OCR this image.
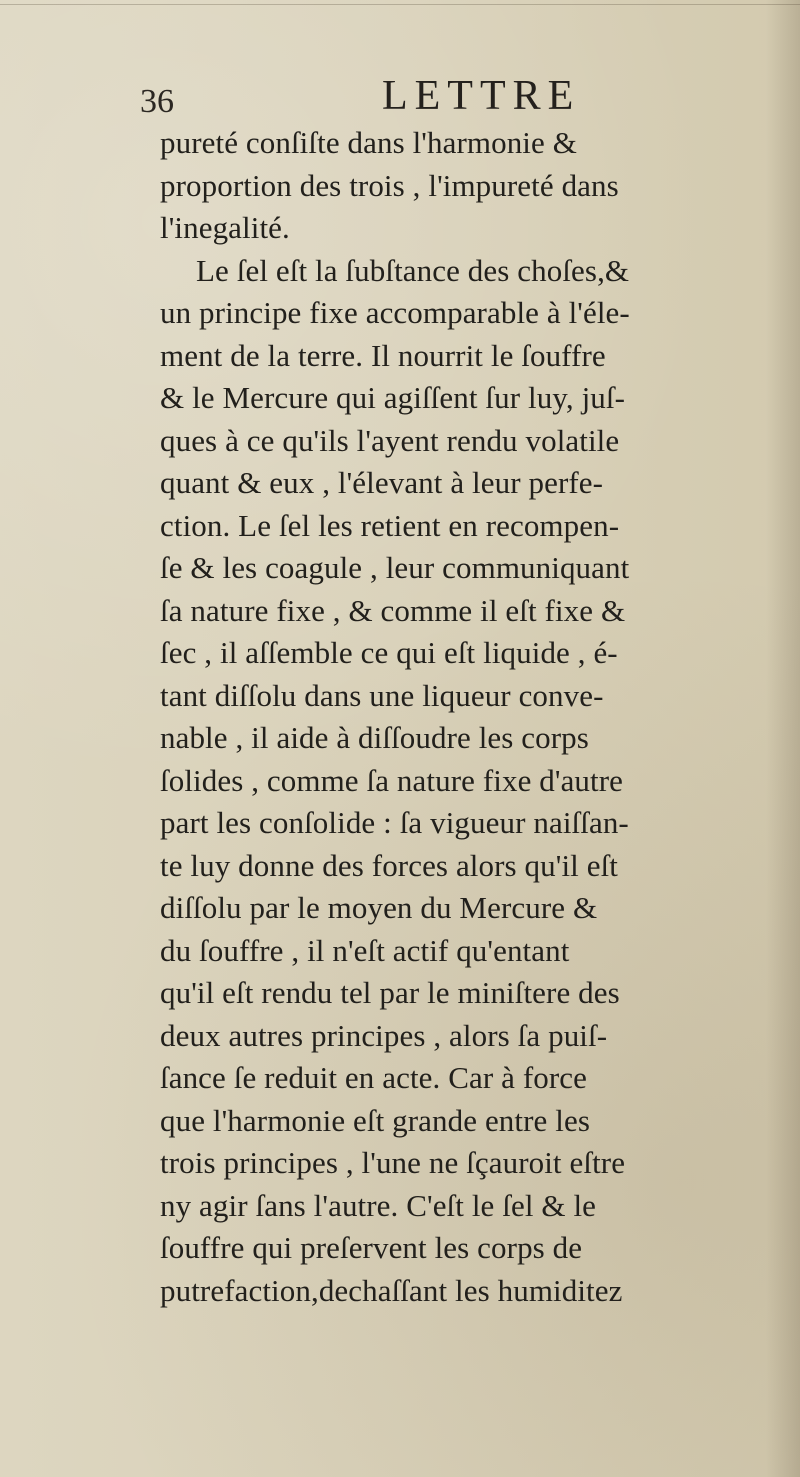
36	LETTRE
pureté conſiſte dans l'harmonie &
proportion des trois , l'impureté dans
l'inegalité.
Le ſel eſt la ſubſtance des choſes,&
un principe fixe accomparable à l'éle-
ment de la terre. Il nourrit le ſouffre
& le Mercure qui agiſſent ſur luy, juſ-
ques à ce qu'ils l'ayent rendu volatile
quant & eux , l'élevant à leur perfe-
ction. Le ſel les retient en recompen-
ſe & les coagule , leur communiquant
ſa nature fixe , & comme il eſt fixe &
ſec , il aſſemble ce qui eſt liquide , é-
tant diſſolu dans une liqueur conve-
nable , il aide à diſſoudre les corps
ſolides , comme ſa nature fixe d'autre
part les conſolide : ſa vigueur naiſſan-
te luy donne des forces alors qu'il eſt
diſſolu par le moyen du Mercure &
du ſouffre , il n'eſt actif qu'entant
qu'il eſt rendu tel par le miniſtere des
deux autres principes , alors ſa puiſ-
ſance ſe reduit en acte. Car à force
que l'harmonie eſt grande entre les
trois principes , l'une ne ſçauroit eſtre
ny agir ſans l'autre. C'eſt le ſel & le
ſouffre qui preſervent les corps de
putrefaction,dechaſſant les humiditez
